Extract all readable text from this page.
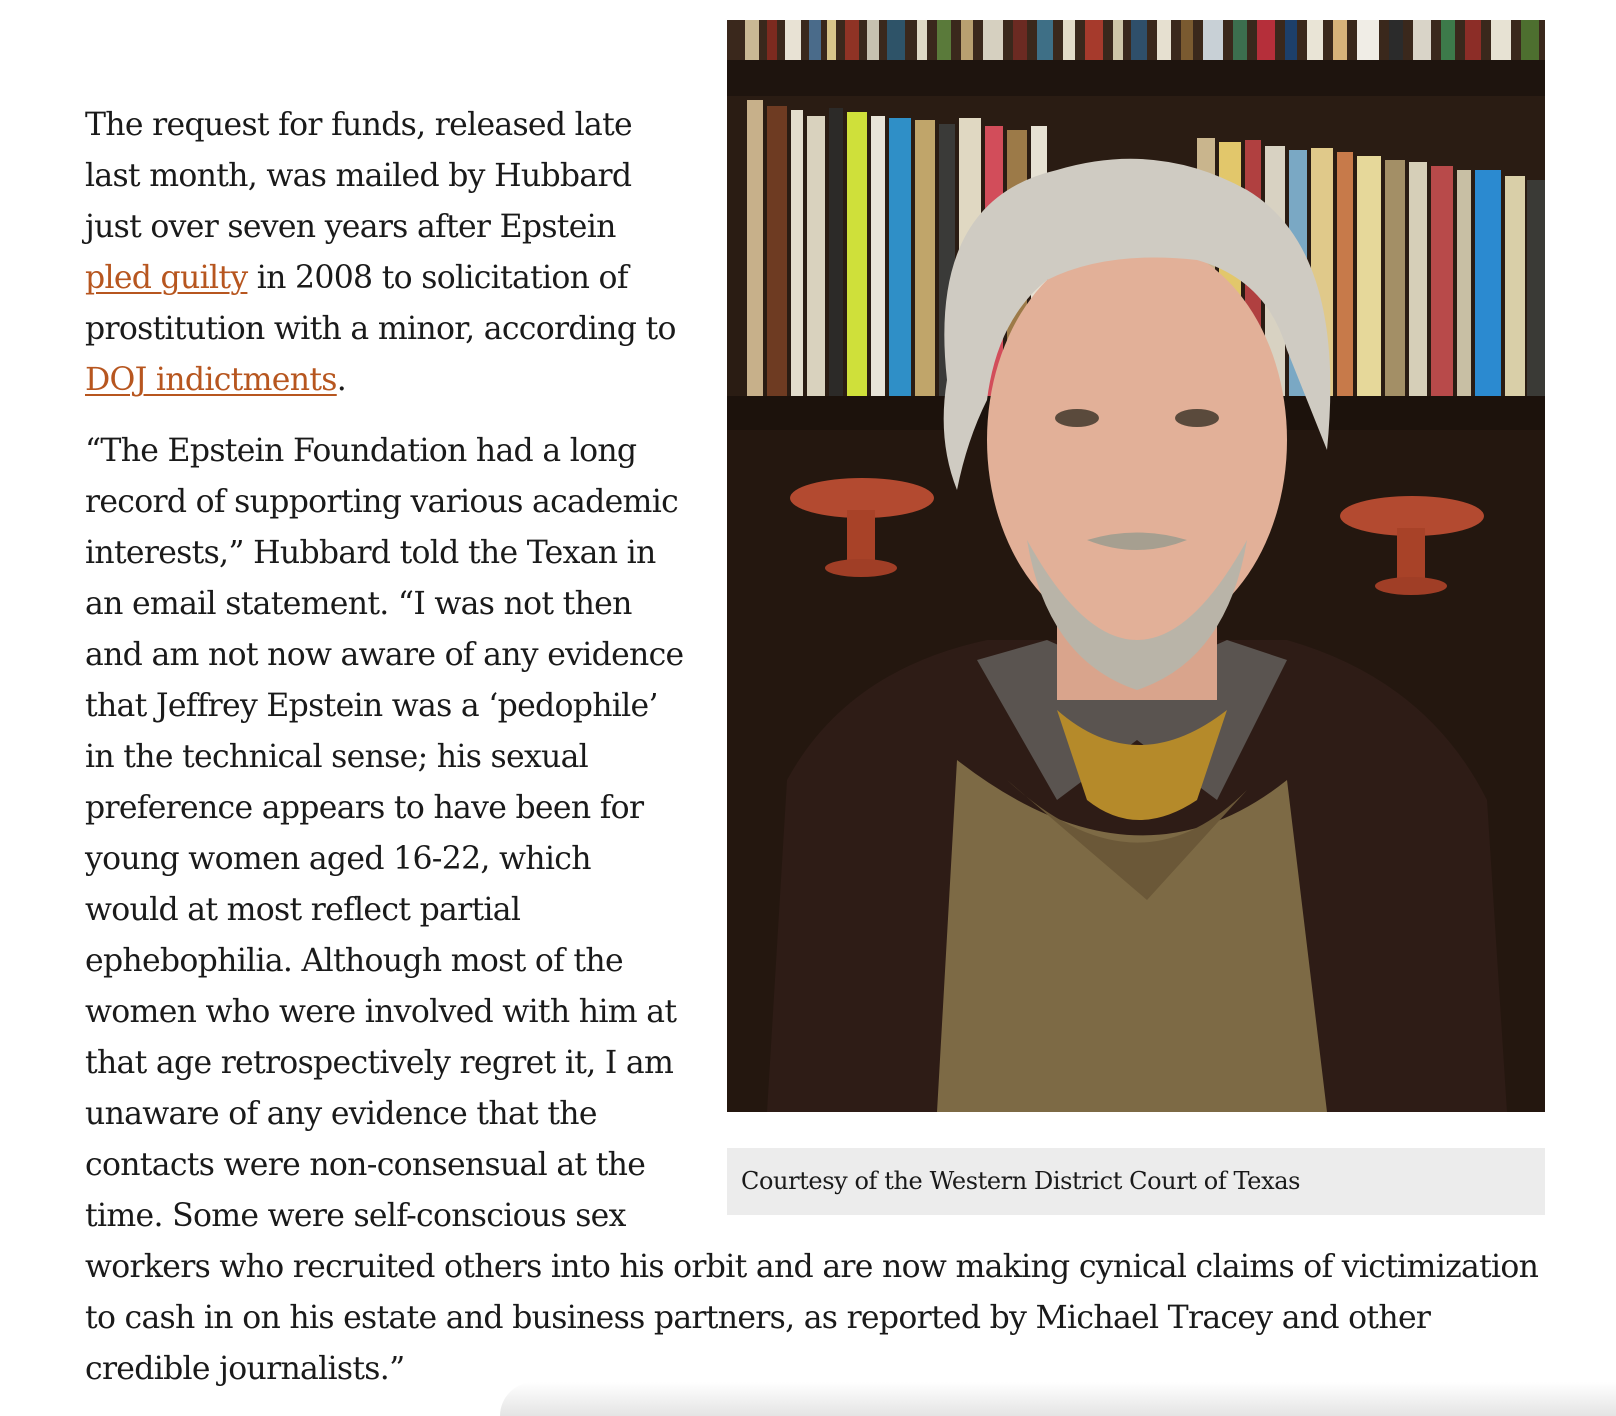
Courtesy of the Western District Court of Texas

The request for funds, released late last month, was mailed by Hubbard just over seven years after Epstein pled guilty in 2008 to solicitation of prostitution with a minor, according to DOJ indictments.

“The Epstein Foundation had a long record of supporting various academic interests,” Hubbard told the Texan in an email statement. “I was not then and am not now aware of any evidence that Jeffrey Epstein was a ‘pedophile’ in the technical sense; his sexual preference appears to have been for young women aged 16-22, which would at most reflect partial ephebophilia. Although most of the women who were involved with him at that age retrospectively regret it, I am unaware of any evidence that the contacts were non-consensual at the time. Some were self-conscious sex workers who recruited others into his orbit and are now making cynical claims of victimization to cash in on his estate and business partners, as reported by Michael Tracey and other credible journalists.”
